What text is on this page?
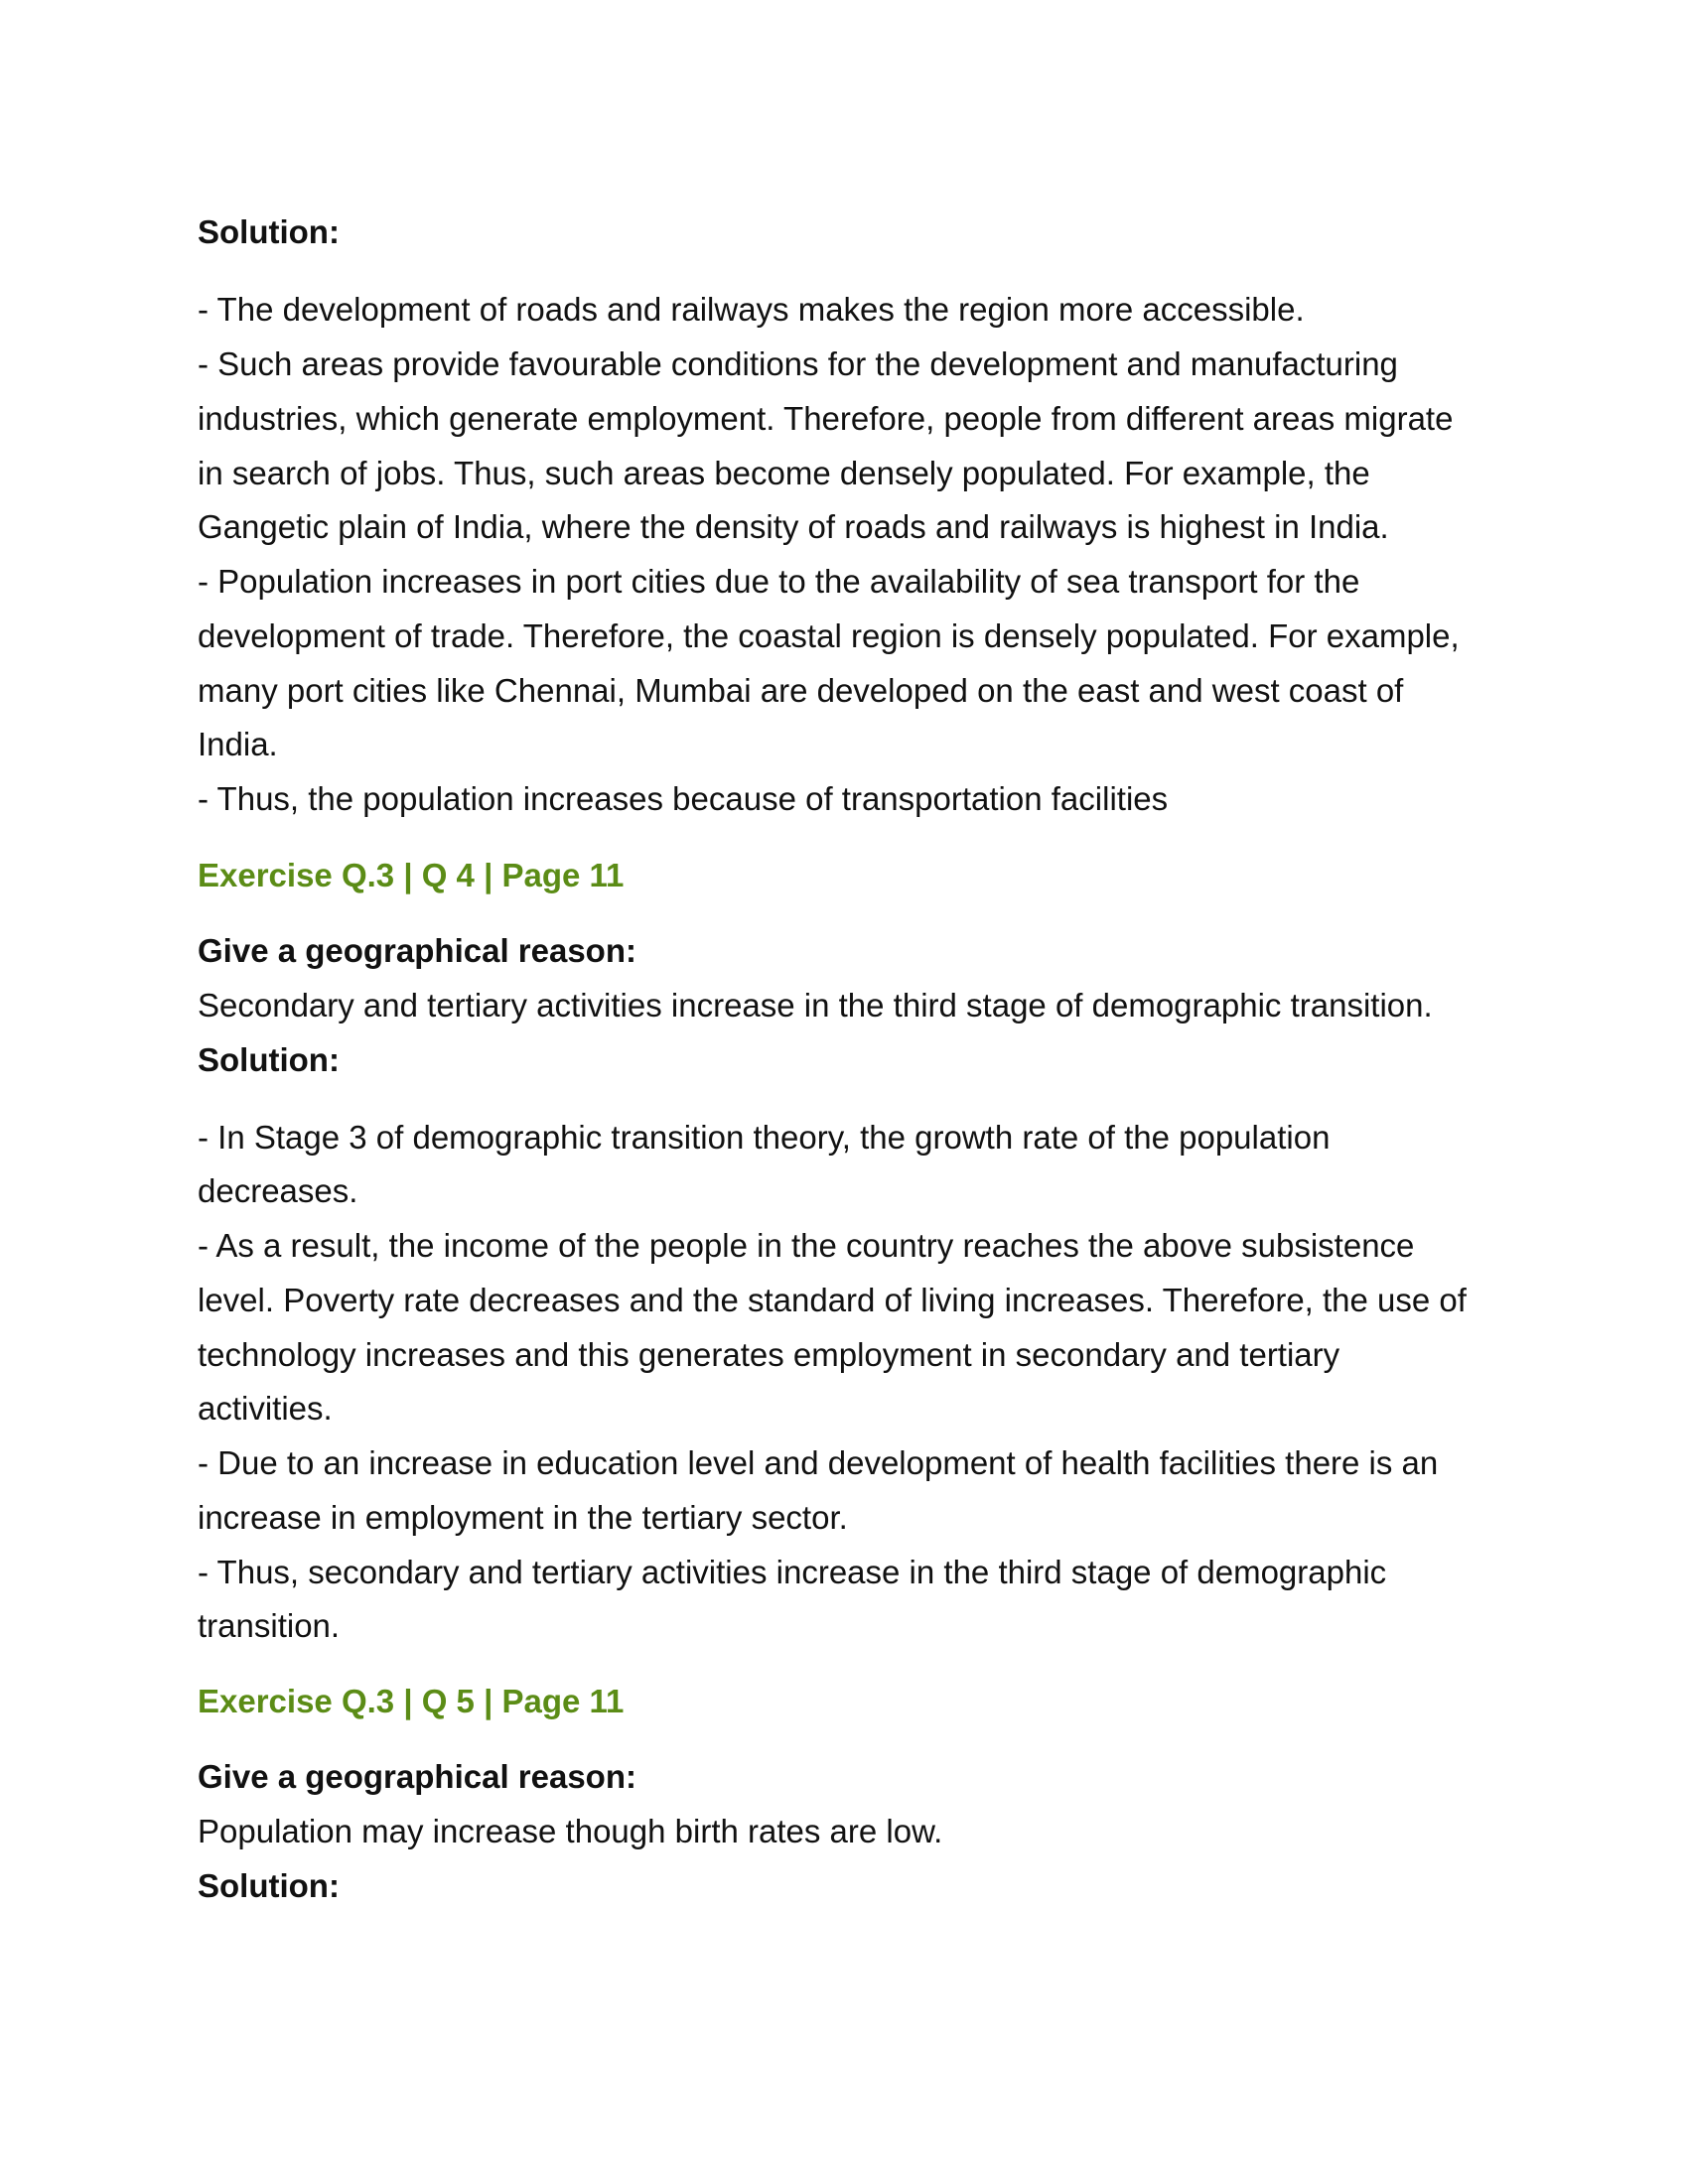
Solution:
- The development of roads and railways makes the region more accessible.
- Such areas provide favourable conditions for the development and manufacturing
industries, which generate employment. Therefore, people from different areas migrate
in search of jobs. Thus, such areas become densely populated. For example, the
Gangetic plain of India, where the density of roads and railways is highest in India.
- Population increases in port cities due to the availability of sea transport for the
development of trade. Therefore, the coastal region is densely populated. For example,
many port cities like Chennai, Mumbai are developed on the east and west coast of
India.
- Thus, the population increases because of transportation facilities
Exercise Q.3 | Q 4 | Page 11
Give a geographical reason:
Secondary and tertiary activities increase in the third stage of demographic transition.
Solution:
- In Stage 3 of demographic transition theory, the growth rate of the population
decreases.
- As a result, the income of the people in the country reaches the above subsistence
level. Poverty rate decreases and the standard of living increases. Therefore, the use of
technology increases and this generates employment in secondary and tertiary
activities.
- Due to an increase in education level and development of health facilities there is an
increase in employment in the tertiary sector.
- Thus, secondary and tertiary activities increase in the third stage of demographic
transition.
Exercise Q.3 | Q 5 | Page 11
Give a geographical reason:
Population may increase though birth rates are low.
Solution:
